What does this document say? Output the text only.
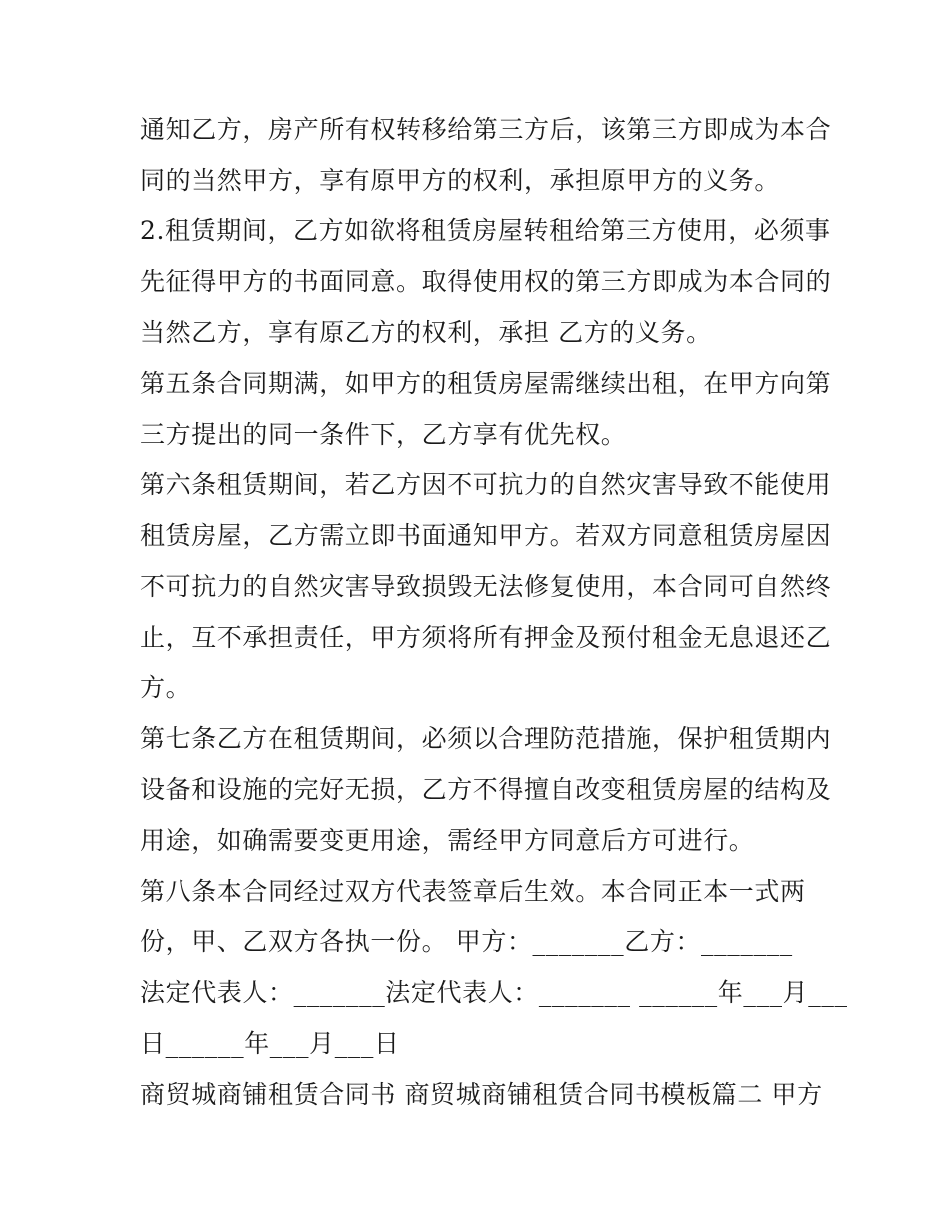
通知乙方，房产所有权转移给第三方后，该第三方即成为本合
同的当然甲方，享有原甲方的权利，承担原甲方的义务。
2.租赁期间，乙方如欲将租赁房屋转租给第三方使用，必须事
先征得甲方的书面同意。取得使用权的第三方即成为本合同的
当然乙方，享有原乙方的权利，承担 乙方的义务。
第五条合同期满，如甲方的租赁房屋需继续出租，在甲方向第
三方提出的同一条件下，乙方享有优先权。
第六条租赁期间，若乙方因不可抗力的自然灾害导致不能使用
租赁房屋，乙方需立即书面通知甲方。若双方同意租赁房屋因
不可抗力的自然灾害导致损毁无法修复使用，本合同可自然终
止，互不承担责任，甲方须将所有押金及预付租金无息退还乙
方。
第七条乙方在租赁期间，必须以合理防范措施，保护租赁期内
设备和设施的完好无损，乙方不得擅自改变租赁房屋的结构及
用途，如确需要变更用途，需经甲方同意后方可进行。
第八条本合同经过双方代表签章后生效。本合同正本一式两
份，甲、乙双方各执一份。 甲方：_______乙方：_______
法定代表人：_______法定代表人：_______ ______年___月___
日______年___月___日
商贸城商铺租赁合同书 商贸城商铺租赁合同书模板篇二 甲方
